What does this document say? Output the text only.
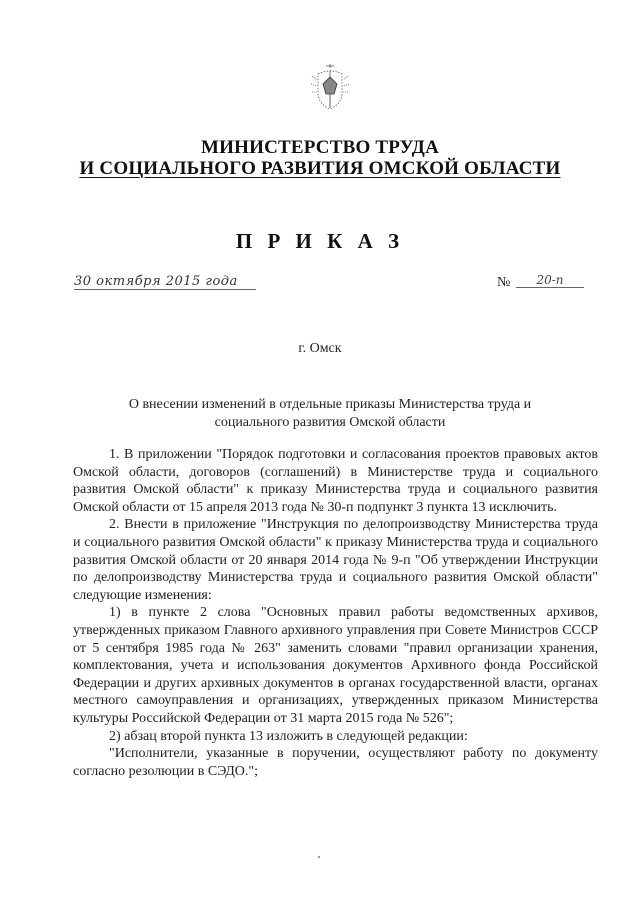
МИНИСТЕРСТВО ТРУДА
И СОЦИАЛЬНОГО РАЗВИТИЯ ОМСКОЙ ОБЛАСТИ
П Р И К А З
30 октября 2015 года	№	20-п
г. Омск
О внесении изменений в отдельные приказы Министерства труда и социального развития Омской области

1. В приложении "Порядок подготовки и согласования проектов правовых актов Омской области, договоров (соглашений) в Министерстве труда и социального развития Омской области" к приказу Министерства труда и социального развития Омской области от 15 апреля 2013 года № 30-п подпункт 3 пункта 13 исключить.

2. Внести в приложение "Инструкция по делопроизводству Министерства труда и социального развития Омской области" к приказу Министерства труда и социального развития Омской области от 20 января 2014 года № 9-п "Об утверждении Инструкции по делопроизводству Министерства труда и социального развития Омской области" следующие изменения:

1) в пункте 2 слова "Основных правил работы ведомственных архивов, утвержденных приказом Главного архивного управления при Совете Министров СССР от 5 сентября 1985 года № 263" заменить словами "правил организации хранения, комплектования, учета и использования документов Архивного фонда Российской Федерации и других архивных документов в органах государственной власти, органах местного самоуправления и организациях, утвержденных приказом Министерства культуры Российской Федерации от 31 марта 2015 года № 526";

2) абзац второй пункта 13 изложить в следующей редакции:

"Исполнители, указанные в поручении, осуществляют работу по документу согласно резолюции в СЭДО.";
